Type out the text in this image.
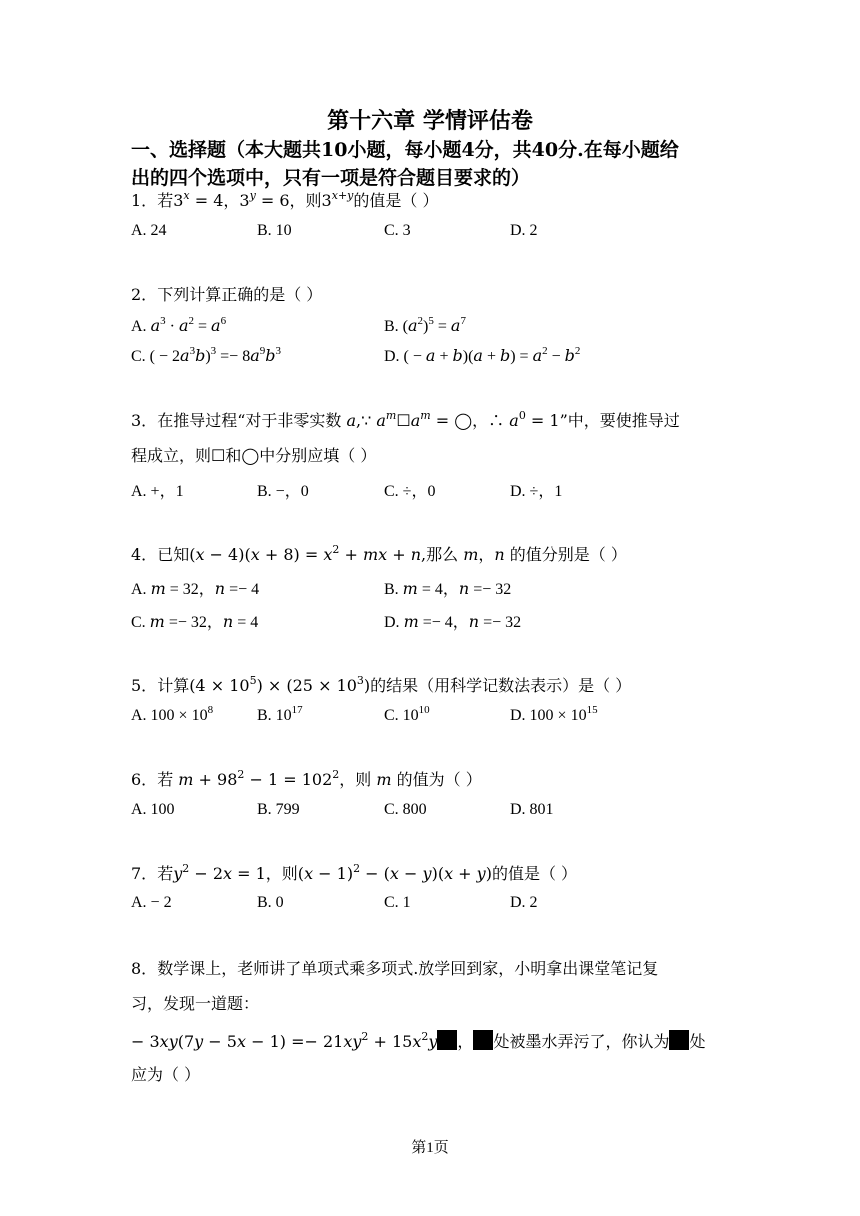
第十六章 学情评估卷
一、选择题（本大题共10小题，每小题4分，共40分.在每小题给
出的四个选项中，只有一项是符合题目要求的）
1．若$3^x = 4$，$3^y = 6$，则$3^{x+y}$的值是（ ）
A. 24	B. 10	C. 3	D. 2
2．下列计算正确的是（ ）
A. $a^3 \cdot a^2 = a^6$	B. $(a^2)^5 = a^7$
C. ( − $2a^3b)^3 =- 8a^9b^3$	D. ( − $a + b)(a + b) = a^2 - b^2$
3．在推导过程“对于非零实数 a,∵ $a^m☐a^m$ = ◯，∴ $a^0 = 1$”中，要使推导过
程成立，则☐和◯中分别应填（ ）
A. +，1	B. −，0	C. ÷，0	D. ÷，1
4．已知$(x - 4)(x + 8) = x^2$ + mx + n,那么 m，n 的值分别是（ ）
A. m = 32，n =− 4	B. m = 4，n =− 32
C. m =− 32，n = 4	D. m =− 4，n =− 32
5．计算$(4 \times 10^5) \times (25 \times 10^3)$的结果（用科学记数法表示）是（ ）
A. $100 \times 10^8$	B. $10^{17}$	C. $10^{10}$	D. $100 \times 10^{15}$
6．若 $m + 98^2 - 1 = 102^2$，则 m 的值为（ ）
A. 100	B. 799	C. 800	D. 801
7．若$y^2 - 2x = 1$，则$(x - 1)^2 - (x - y)(x + y)$的值是（ ）
A. − 2	B. 0	C. 1	D. 2
8．数学课上，老师讲了单项式乘多项式.放学回到家，小明拿出课堂笔记复
习，发现一道题：
− $3xy(7y - 5x - 1) =- 21xy^2 + 15x^2y$ ， 处被墨水弄污了，你认为 处
应为（ ）
第1页
